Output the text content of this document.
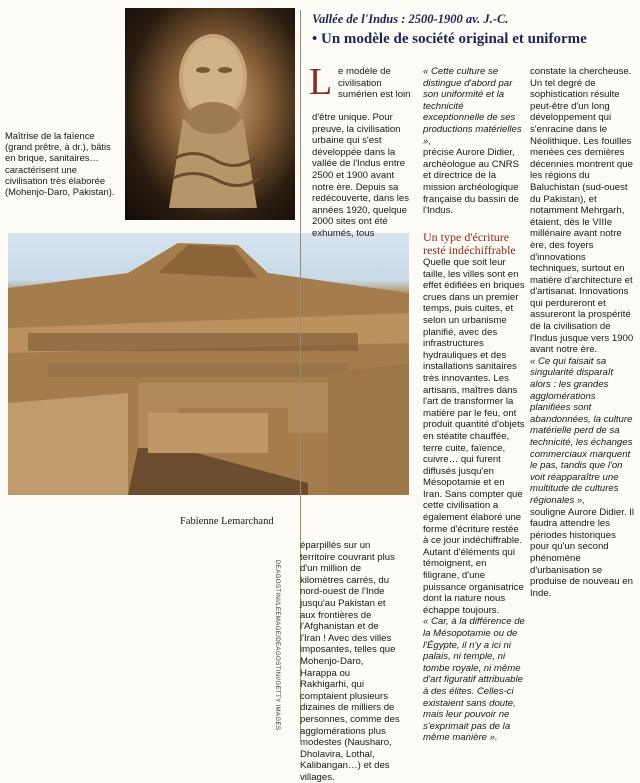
Maîtrise de la faïence (grand prêtre, à dr.), bâtis en brique, sanitaires… caractérisent une civilisation très élaborée (Mohenjo-Daro, Pakistan).
Fabienne Lemarchand
DEAGOSTINI/LEEMAGE/DEAGOSTINI/GETTY IMAGES
Vallée de l'Indus : 2500-1900 av. J.-C.
• Un modèle de société original et uniforme
L e modèle de civilisation sumérien est loin
d'être unique. Pour preuve, la civilisation urbaine qui s'est développée dans la vallée de l'Indus entre 2500 et 1900 avant notre ère. Depuis sa redécouverte, dans les années 1920, quelque 2000 sites ont été exhumés, tous
éparpillés sur un territoire couvrant plus d'un million de kilomètres carrés, du nord-ouest de l'Inde jusqu'au Pakistan et aux frontières de l'Afghanistan et de l'Iran ! Avec des villes imposantes, telles que Mohenjo-Daro, Harappa ou Rakhigarhi, qui comptaient plusieurs dizaines de milliers de personnes, comme des agglomérations plus modestes (Nausharo, Dholavira, Lothal, Kalibangan…) et des villages.

« Cette culture se distingue d'abord par son uniformité et la technicité exceptionnelle de ses productions matérielles »,

précise Aurore Didier, archéologue au CNRS et directrice de la mission archéologique française du bassin de l'Indus.

Un type d'écriture resté indéchiffrable

Quelle que soit leur taille, les villes sont en effet édifiées en briques crues dans un premier temps, puis cuites, et selon un urbanisme planifié, avec des infrastructures hydrauliques et des installations sanitaires très innovantes. Les artisans, maîtres dans l'art de transformer la matière par le feu, ont produit quantité d'objets en stéatite chauffée, terre cuite, faïence, cuivre… qui furent diffusés jusqu'en Mésopotamie et en Iran. Sans compter que cette civilisation a également élaboré une forme d'écriture restée à ce jour indéchiffrable. Autant d'éléments qui témoignent, en filigrane, d'une puissance organisatrice dont la nature nous échappe toujours.

« Car, à la différence de la Mésopotamie ou de l'Égypte, il n'y a ici ni palais, ni temple, ni tombe royale, ni même d'art figuratif attribuable à des élites. Celles-ci existaient sans doute, mais leur pouvoir ne s'exprimait pas de la même manière ».

constate la chercheuse. Un tel degré de sophistication résulte peut-être d'un long développement qui s'enracine dans le Néolithique. Les fouilles menées ces dernières décennies montrent que les régions du Baluchistan (sud-ouest du Pakistan), et notamment Mehrgarh, étaient, dès le VIIIe millénaire avant notre ère, des foyers d'innovations techniques, surtout en matière d'architecture et d'artisanat. Innovations qui perdureront et assureront la prospérité de la civilisation de l'Indus jusque vers 1900 avant notre ère.

« Ce qui faisait sa singularité disparaît alors : les grandes agglomérations planifiées sont abandonnées, la culture matérielle perd de sa technicité, les échanges commerciaux marquent le pas, tandis que l'on voit réapparaître une multitude de cultures régionales »,

souligne Aurore Didier. Il faudra attendre les périodes historiques pour qu'un second phénomène d'urbanisation se produise de nouveau en Inde.
